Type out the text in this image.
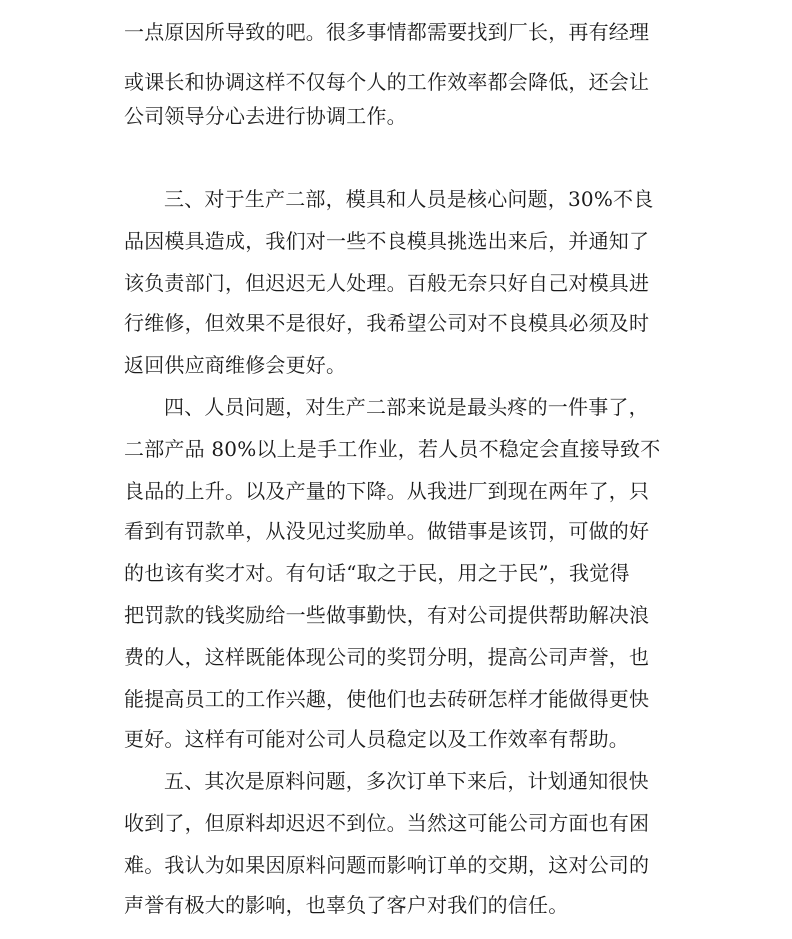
一点原因所导致的吧。很多事情都需要找到厂长，再有经理
或课长和协调这样不仅每个人的工作效率都会降低，还会让
公司领导分心去进行协调工作。
三、对于生产二部，模具和人员是核心问题，30%不良
品因模具造成，我们对一些不良模具挑选出来后，并通知了
该负责部门，但迟迟无人处理。百般无奈只好自己对模具进
行维修，但效果不是很好，我希望公司对不良模具必须及时
返回供应商维修会更好。
四、人员问题，对生产二部来说是最头疼的一件事了，
二部产品 80%以上是手工作业，若人员不稳定会直接导致不
良品的上升。以及产量的下降。从我进厂到现在两年了，只
看到有罚款单，从没见过奖励单。做错事是该罚，可做的好
的也该有奖才对。有句话“取之于民，用之于民”，我觉得
把罚款的钱奖励给一些做事勤快，有对公司提供帮助解决浪
费的人，这样既能体现公司的奖罚分明，提高公司声誉，也
能提高员工的工作兴趣，使他们也去砖研怎样才能做得更快
更好。这样有可能对公司人员稳定以及工作效率有帮助。
五、其次是原料问题，多次订单下来后，计划通知很快
收到了，但原料却迟迟不到位。当然这可能公司方面也有困
难。我认为如果因原料问题而影响订单的交期，这对公司的
声誉有极大的影响，也辜负了客户对我们的信任。
